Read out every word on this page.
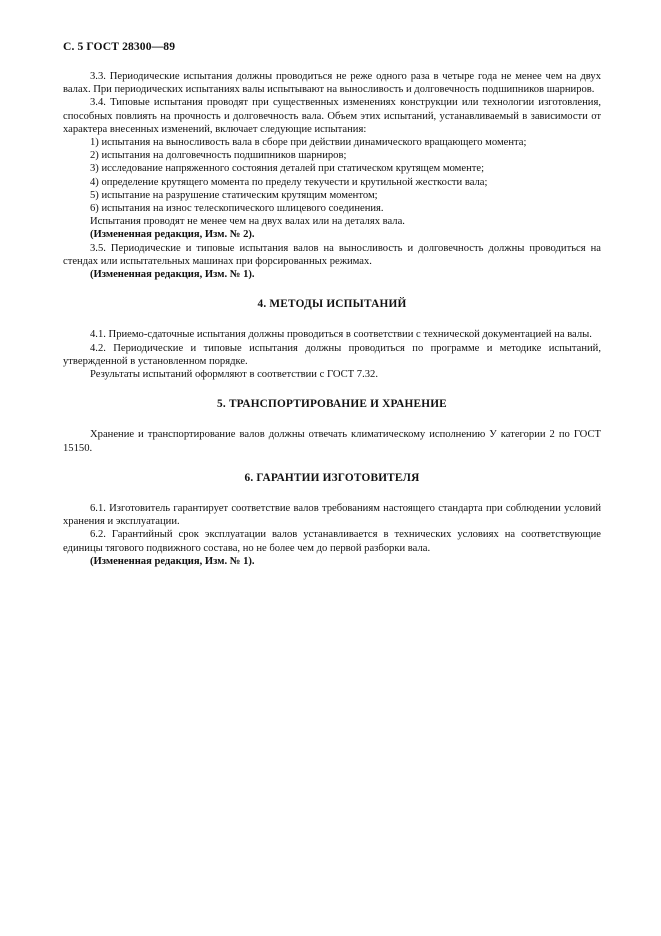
С. 5 ГОСТ 28300—89

3.3. Периодические испытания должны проводиться не реже одного раза в четыре года не менее чем на двух валах. При периодических испытаниях валы испытывают на выносливость и долговечность подшипников шарниров.

3.4. Типовые испытания проводят при существенных изменениях конструкции или технологии изготовления, способных повлиять на прочность и долговечность вала. Объем этих испытаний, устанавливаемый в зависимости от характера внесенных изменений, включает следующие испытания:

1) испытания на выносливость вала в сборе при действии динамического вращающего момента;

2) испытания на долговечность подшипников шарниров;

3) исследование напряженного состояния деталей при статическом крутящем моменте;

4) определение крутящего момента по пределу текучести и крутильной жесткости вала;

5) испытание на разрушение статическим крутящим моментом;

6) испытания на износ телескопического шлицевого соединения.

Испытания проводят не менее чем на двух валах или на деталях вала.

(Измененная редакция, Изм. № 2).

3.5. Периодические и типовые испытания валов на выносливость и долговечность должны проводиться на стендах или испытательных машинах при форсированных режимах.

(Измененная редакция, Изм. № 1).

4. МЕТОДЫ ИСПЫТАНИЙ

4.1. Приемо-сдаточные испытания должны проводиться в соответствии с технической документацией на валы.

4.2. Периодические и типовые испытания должны проводиться по программе и методике испытаний, утвержденной в установленном порядке.

Результаты испытаний оформляют в соответствии с ГОСТ 7.32.

5. ТРАНСПОРТИРОВАНИЕ И ХРАНЕНИЕ

Хранение и транспортирование валов должны отвечать климатическому исполнению У категории 2 по ГОСТ 15150.

6. ГАРАНТИИ ИЗГОТОВИТЕЛЯ

6.1. Изготовитель гарантирует соответствие валов требованиям настоящего стандарта при соблюдении условий хранения и эксплуатации.

6.2. Гарантийный срок эксплуатации валов устанавливается в технических условиях на соответствующие единицы тягового подвижного состава, но не более чем до первой разборки вала.

(Измененная редакция, Изм. № 1).
